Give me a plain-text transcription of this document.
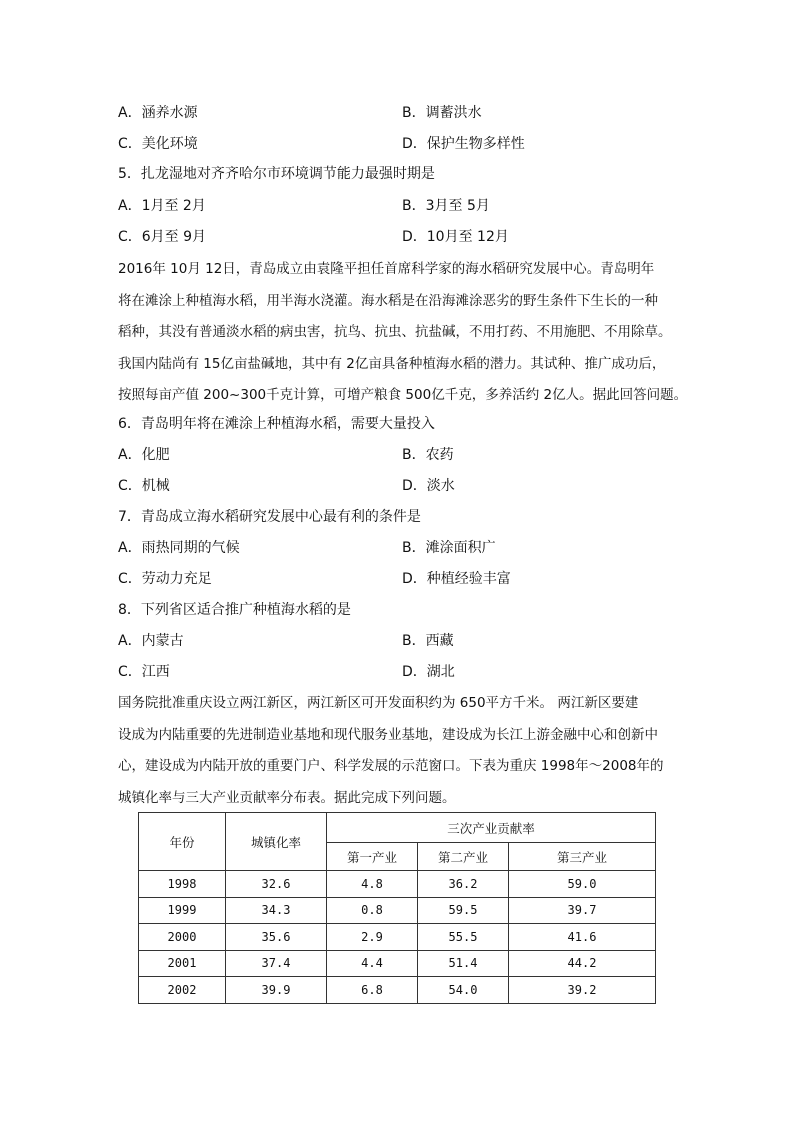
A．涵养水源	B．调蓄洪水
C．美化环境	D．保护生物多样性
5．扎龙湿地对齐齐哈尔市环境调节能力最强时期是
A．1月至 2月	B．3月至 5月
C．6月至 9月	D．10月至 12月
2016年 10月 12日，青岛成立由袁隆平担任首席科学家的海水稻研究发展中心。青岛明年
将在滩涂上种植海水稻，用半海水浇灌。海水稻是在沿海滩涂恶劣的野生条件下生长的一种
稻种，其没有普通淡水稻的病虫害，抗鸟、抗虫、抗盐碱，不用打药、不用施肥、不用除草。
我国内陆尚有 15亿亩盐碱地，其中有 2亿亩具备种植海水稻的潜力。其试种、推广成功后，
按照每亩产值 200~300千克计算，可增产粮食 500亿千克，多养活约 2亿人。据此回答问题。
6．青岛明年将在滩涂上种植海水稻，需要大量投入
A．化肥	B．农药
C．机械	D．淡水
7．青岛成立海水稻研究发展中心最有利的条件是
A．雨热同期的气候	B．滩涂面积广
C．劳动力充足	D．种植经验丰富
8．下列省区适合推广种植海水稻的是
A．内蒙古	B．西藏
C．江西	D．湖北
国务院批准重庆设立两江新区，两江新区可开发面积约为 650平方千米。 两江新区要建
设成为内陆重要的先进制造业基地和现代服务业基地，建设成为长江上游金融中心和创新中
心，建设成为内陆开放的重要门户、科学发展的示范窗口。下表为重庆 1998年～2008年的
城镇化率与三大产业贡献率分布表。据此完成下列问题。
年份	城镇化率	三次产业贡献率		
		第一产业	第二产业	第三产业
1998	32.6	4.8	36.2	59.0
1999	34.3	0.8	59.5	39.7
2000	35.6	2.9	55.5	41.6
2001	37.4	4.4	51.4	44.2
2002	39.9	6.8	54.0	39.2
